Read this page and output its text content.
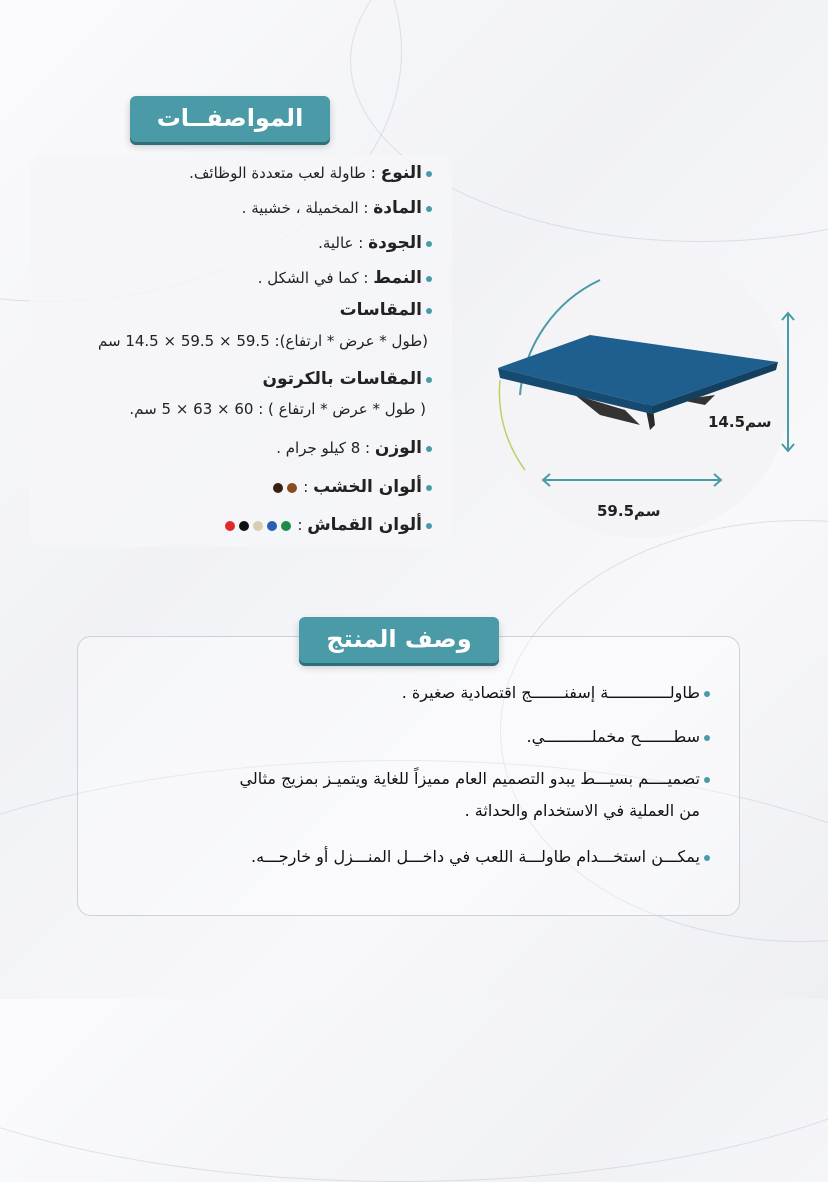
المواصفــات
النوع : طاولة لعب متعددة الوظائف.
المادة : المخميلة ، خشبية .
الجودة : عالية.
النمط : كما في الشكل .
المقاسات
(طول * عرض * ارتفاع): 59.5 × 59.5 × 14.5 سم
المقاسات بالكرتون
( طول * عرض * ارتفاع ) : 60 × 63 × 5 سم.
الوزن : 8 كيلو جرام .
ألوان الخشب :
ألوان القماش :
14.5سم
59.5سم
وصف المنتج
طاولـــــــــــــة إسفنـــــــج اقتصادية صغيرة .
سطـــــــح مخملــــــــــي.
تصميــــم بسيـــط يبدو التصميم العام مميزاً للغاية ويتميـز بمزيج مثالي
من العملية في الاستخدام والحداثة .
يمكـــن استخـــدام طاولـــة اللعب في داخـــل المنـــزل أو خارجـــه.
